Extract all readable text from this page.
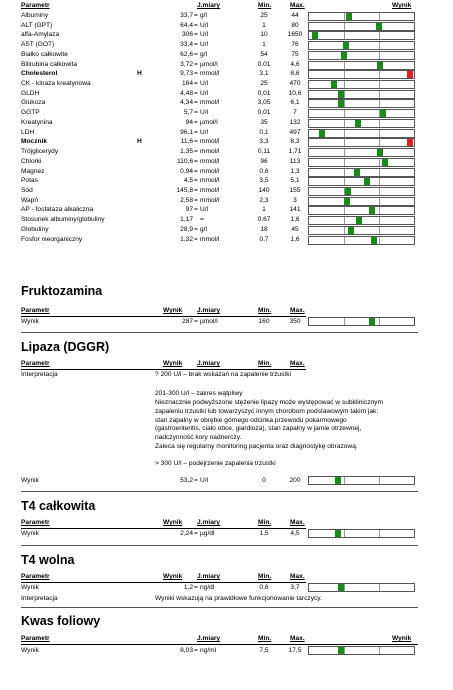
Parametr	J.miary	Min.	Max.	Wynik
Albuminy	33,7 = g/l	25	44
ALT (GPT)	64,4 = U/l	1	80
alfa-Amylaza	306 = U/l	10	1650
AST (GOT)	33,4 = U/l	1	76
Białko całkowite	62,6 = g/l	54	75
Bilirubina całkowita	3,72 = µmol/l	0.01	4,6
Cholesterol	H	9,73 = mmol/l	3,1	8,6
CK - kinaza kreatynowa	164 = U/l	25	470
GLDH	4,48 = U/l	0,01	10,6
Glukoza	4,34 = mmol/l	3,05	6,1
GGTP	5,7 = U/l	0,01	7
Kreatynina	94 = µmol/l	35	132
LDH	96,1 = U/l	0,1	497
Mocznik	H	11,6 = mmol/l	3,3	8,3
Trójglicerydy	1,35 = mmol/l	0,11	1,71
Chlorki	110,6 = mmol/l	96	113
Magnez	0,94 = mmol/l	0,6	1,3
Potas	4,5 = mmol/l	3,5	5,1
Sód	145,8 = mmol/l	140	155
Wapń	2,58 = mmol/l	2,3	3
AP - fosfataza alkaliczna	97 = U/l	1	141
Stosunek albuminy/globuliny	1,17 =	0,67	1,6
Globuliny	28,9 = g/l	18	45
Fosfor nieorganiczny	1,32 = mmol/l	0,7	1,6
Fruktozamina
Parametr	Wynik J.miary	Min.	Max.
Wynik	287 = µmol/l	160	350
Lipaza (DGGR)
Parametr	Wynik J.miary	Min.	Max.
Interpretacja	? 200 U/l – brak wskazań na zapalenie trzustki
201-300 U/l – zakres wątpliwy
Nieznacznie podwyższone stężenie lipazy może występować w subklinicznym
zapaleniu trzustki lub towarzyszyć innym chorobom podstawowym takim jak:
stan zapalny w obrębie górnego odcinka przewodu pokarmowego
(gastroenteritis, ciało obce, giardioza), stan zapalny w jamie otrzewnej,
nadczynność kory nadnerczy.
Zaleca się regularny monitoring pacjenta oraz diagnostykę obrazową.
> 300 U/l – podejrzenie zapalenia trzustki
Wynik	53,2 = U/l	0	200
T4 całkowita
Parametr	Wynik J.miary	Min.	Max.
Wynik	2,24 = µg/dl	1,5	4,5
T4 wolna
Parametr	Wynik J.miary	Min.	Max.
Wynik	1,2 = ng/dl	0,6	3,7
Interpretacja	Wyniki wskazują na prawidłowe funkcjonowanie tarczycy.
Kwas foliowy
Parametr	J.miary	Min.	Max.	Wynik
Wynik	8,03 = ng/ml	7,5	17,5
